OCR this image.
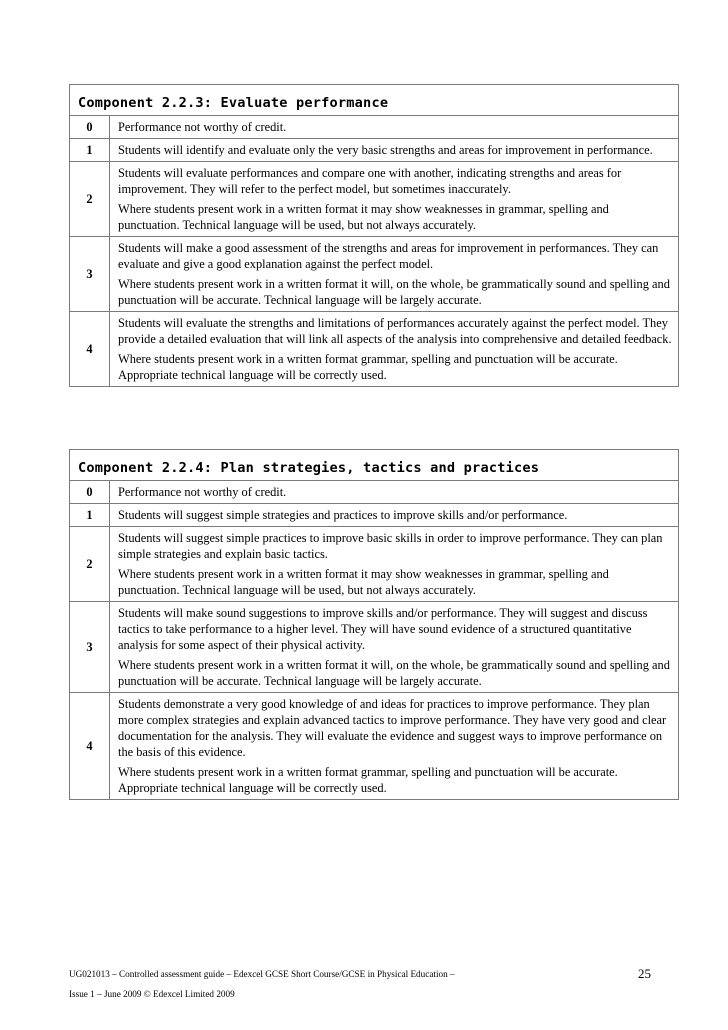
Component 2.2.3: Evaluate performance	
0	Performance not worthy of credit.

1	Students will identify and evaluate only the very basic strengths and areas for improvement in performance.

2	Students will evaluate performances and compare one with another, indicating strengths and areas for improvement. They will refer to the perfect model, but sometimes inaccurately.

Where students present work in a written format it may show weaknesses in grammar, spelling and punctuation. Technical language will be used, but not always accurately.

3	Students will make a good assessment of the strengths and areas for improvement in performances. They can evaluate and give a good explanation against the perfect model.

Where students present work in a written format it will, on the whole, be grammatically sound and spelling and punctuation will be accurate. Technical language will be largely accurate.

4	Students will evaluate the strengths and limitations of performances accurately against the perfect model. They provide a detailed evaluation that will link all aspects of the analysis into comprehensive and detailed feedback.

Where students present work in a written format grammar, spelling and punctuation will be accurate. Appropriate technical language will be correctly used.

Component 2.2.4: Plan strategies, tactics and practices	
0	Performance not worthy of credit.

1	Students will suggest simple strategies and practices to improve skills and/or performance.

2	Students will suggest simple practices to improve basic skills in order to improve performance. They can plan simple strategies and explain basic tactics.

Where students present work in a written format it may show weaknesses in grammar, spelling and punctuation. Technical language will be used, but not always accurately.

3	Students will make sound suggestions to improve skills and/or performance. They will suggest and discuss tactics to take performance to a higher level. They will have sound evidence of a structured quantitative analysis for some aspect of their physical activity.

Where students present work in a written format it will, on the whole, be grammatically sound and spelling and punctuation will be accurate. Technical language will be largely accurate.

4	Students demonstrate a very good knowledge of and ideas for practices to improve performance. They plan more complex strategies and explain advanced tactics to improve performance. They have very good and clear documentation for the analysis. They will evaluate the evidence and suggest ways to improve performance on the basis of this evidence.

Where students present work in a written format grammar, spelling and punctuation will be accurate. Appropriate technical language will be correctly used.

UG021013 – Controlled assessment guide – Edexcel GCSE Short Course/GCSE in Physical Education –
Issue 1 – June 2009 © Edexcel Limited 2009
25
